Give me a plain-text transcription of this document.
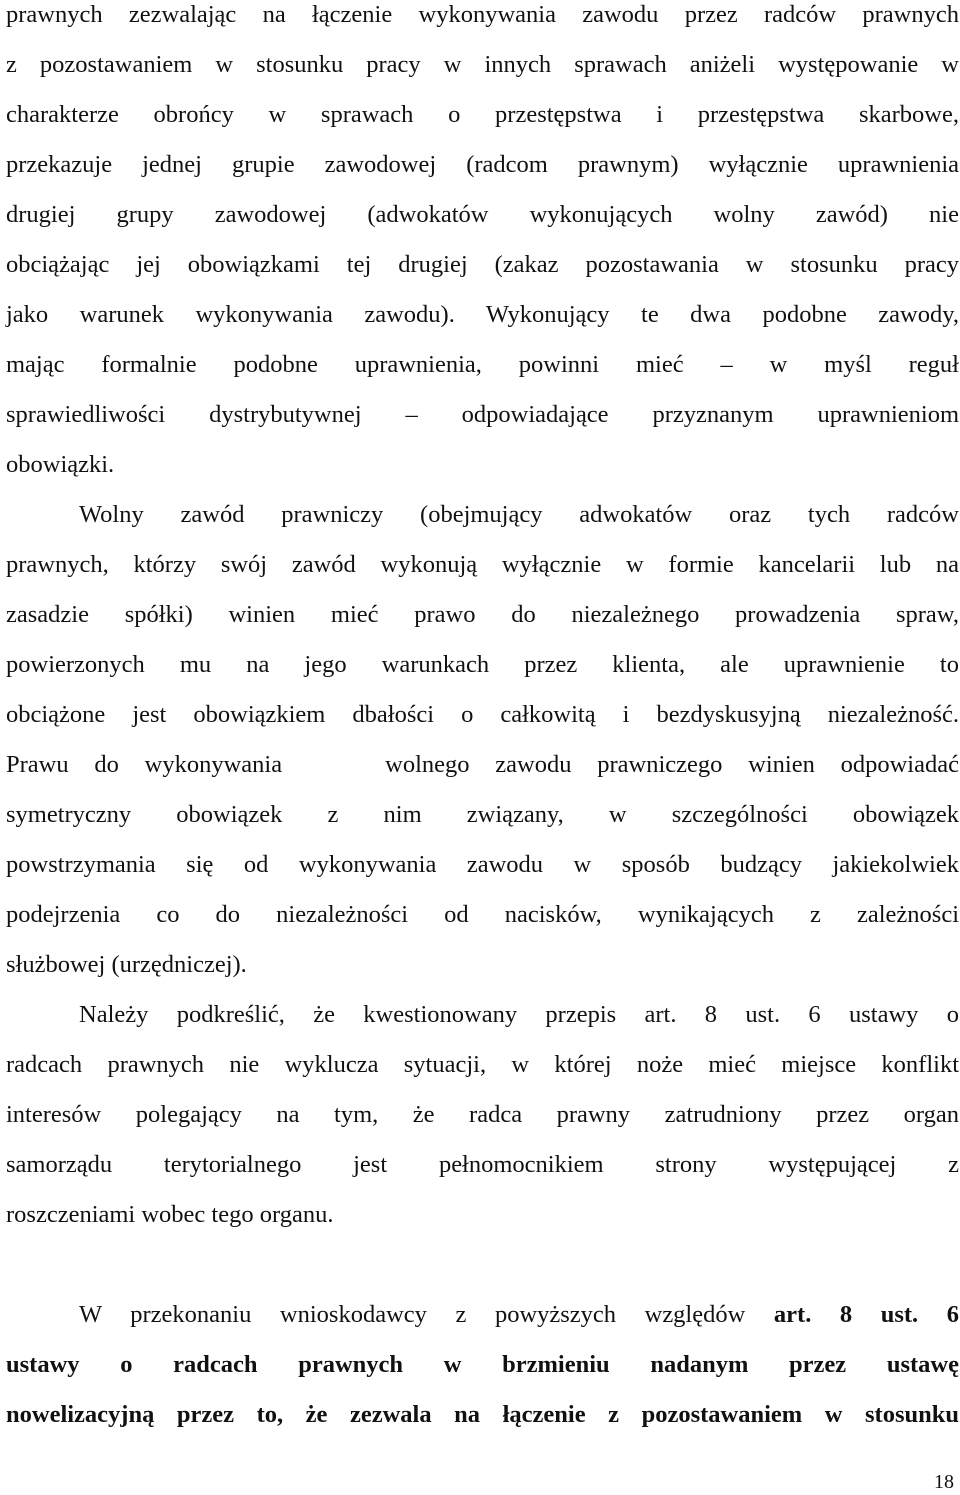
prawnych zezwalając na łączenie wykonywania zawodu przez radców prawnych
z pozostawaniem w stosunku pracy w innych sprawach aniżeli występowanie w
charakterze obrońcy w sprawach o przestępstwa i przestępstwa skarbowe,
przekazuje jednej grupie zawodowej (radcom prawnym) wyłącznie uprawnienia
drugiej grupy zawodowej (adwokatów wykonujących wolny zawód) nie
obciążając jej obowiązkami tej drugiej (zakaz pozostawania w stosunku pracy
jako warunek wykonywania zawodu). Wykonujący te dwa podobne zawody,
mając formalnie podobne uprawnienia, powinni mieć – w myśl reguł
sprawiedliwości dystrybutywnej – odpowiadające przyznanym uprawnieniom
obowiązki.
Wolny zawód prawniczy (obejmujący adwokatów oraz tych radców
prawnych, którzy swój zawód wykonują wyłącznie w formie kancelarii lub na
zasadzie spółki) winien mieć prawo do niezależnego prowadzenia spraw,
powierzonych mu na jego warunkach przez klienta, ale uprawnienie to
obciążone jest obowiązkiem dbałości o całkowitą i bezdyskusyjną niezależność.
Prawu do wykonywania    wolnego zawodu prawniczego winien odpowiadać
symetryczny obowiązek z nim związany, w szczególności obowiązek
powstrzymania się od wykonywania zawodu w sposób budzący jakiekolwiek
podejrzenia co do niezależności od nacisków, wynikających z zależności
służbowej (urzędniczej).
Należy podkreślić, że kwestionowany przepis art. 8 ust. 6 ustawy o
radcach prawnych nie wyklucza sytuacji, w której noże mieć miejsce konflikt
interesów polegający na tym, że radca prawny zatrudniony przez organ
samorządu terytorialnego jest pełnomocnikiem strony występującej z
roszczeniami wobec tego organu.
W przekonaniu wnioskodawcy z powyższych względów art. 8 ust. 6
ustawy o radcach prawnych w brzmieniu nadanym przez ustawę
nowelizacyjną przez to, że zezwala na łączenie z pozostawaniem w stosunku
18
